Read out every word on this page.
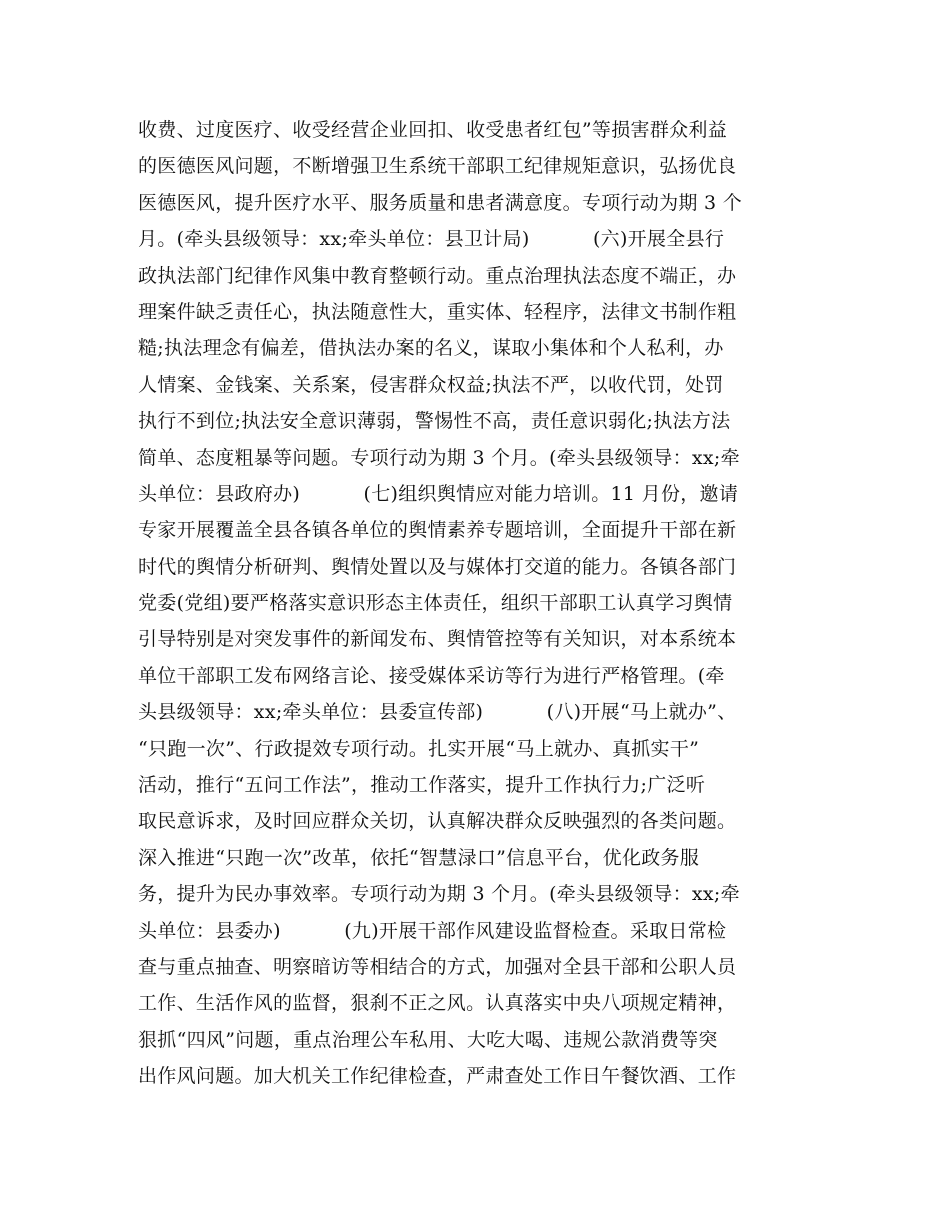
收费、过度医疗、收受经营企业回扣、收受患者红包”等损害群众利益
的医德医风问题，不断增强卫生系统干部职工纪律规矩意识，弘扬优良
医德医风，提升医疗水平、服务质量和患者满意度。专项行动为期 3 个
月。(牵头县级领导：xx;牵头单位：县卫计局)          (六)开展全县行
政执法部门纪律作风集中教育整顿行动。重点治理执法态度不端正，办
理案件缺乏责任心，执法随意性大，重实体、轻程序，法律文书制作粗
糙;执法理念有偏差，借执法办案的名义，谋取小集体和个人私利，办
人情案、金钱案、关系案，侵害群众权益;执法不严，以收代罚，处罚
执行不到位;执法安全意识薄弱，警惕性不高，责任意识弱化;执法方法
简单、态度粗暴等问题。专项行动为期 3 个月。(牵头县级领导：xx;牵
头单位：县政府办)          (七)组织舆情应对能力培训。11 月份，邀请
专家开展覆盖全县各镇各单位的舆情素养专题培训，全面提升干部在新
时代的舆情分析研判、舆情处置以及与媒体打交道的能力。各镇各部门
党委(党组)要严格落实意识形态主体责任，组织干部职工认真学习舆情
引导特别是对突发事件的新闻发布、舆情管控等有关知识，对本系统本
单位干部职工发布网络言论、接受媒体采访等行为进行严格管理。(牵
头县级领导：xx;牵头单位：县委宣传部)          (八)开展“马上就办”、
“只跑一次”、行政提效专项行动。扎实开展“马上就办、真抓实干”
活动，推行“五问工作法”，推动工作落实，提升工作执行力;广泛听
取民意诉求，及时回应群众关切，认真解决群众反映强烈的各类问题。
深入推进“只跑一次”改革，依托“智慧渌口”信息平台，优化政务服
务，提升为民办事效率。专项行动为期 3 个月。(牵头县级领导：xx;牵
头单位：县委办)          (九)开展干部作风建设监督检查。采取日常检
查与重点抽查、明察暗访等相结合的方式，加强对全县干部和公职人员
工作、生活作风的监督，狠刹不正之风。认真落实中央八项规定精神，
狠抓“四风”问题，重点治理公车私用、大吃大喝、违规公款消费等突
出作风问题。加大机关工作纪律检查，严肃查处工作日午餐饮酒、工作
